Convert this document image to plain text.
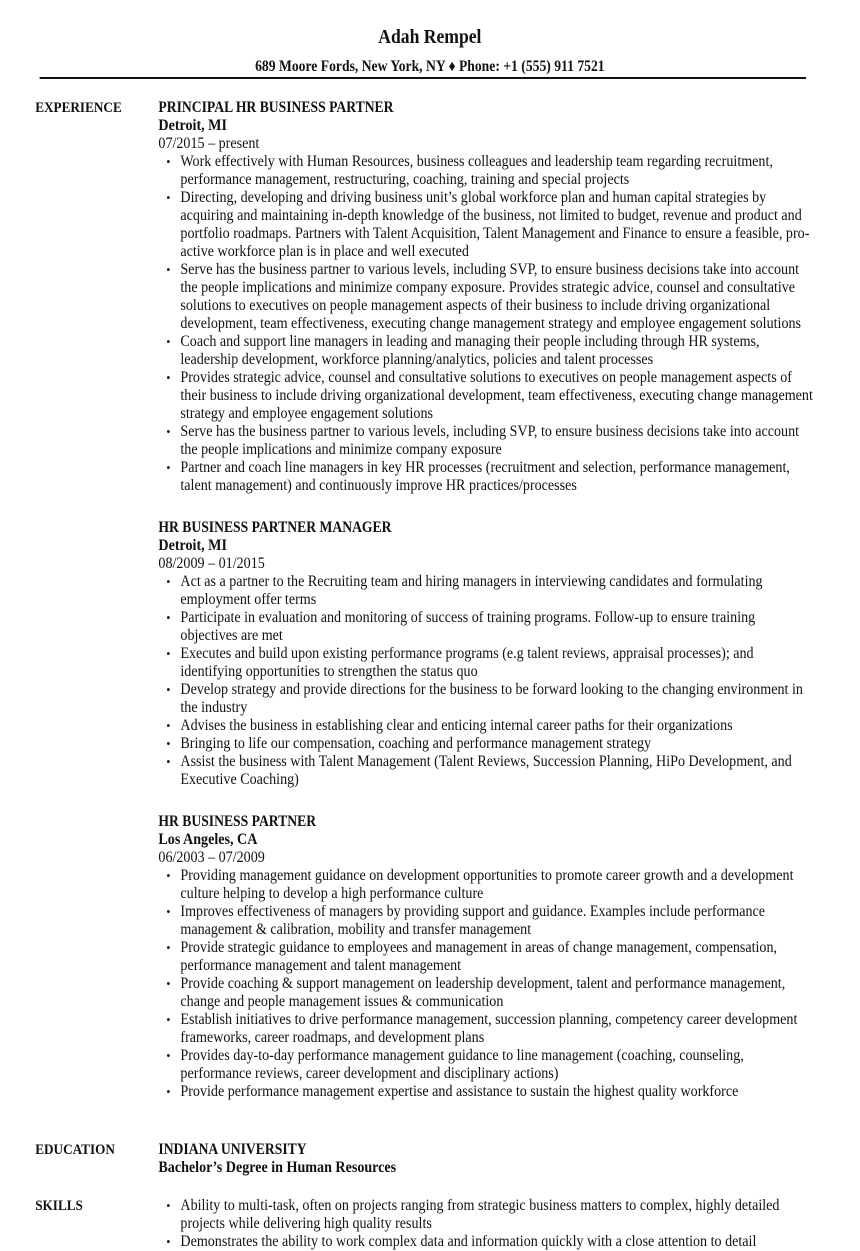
Adah Rempel
689 Moore Fords, New York, NY ♦ Phone: +1 (555) 911 7521
EXPERIENCE PRINCIPAL HR BUSINESS PARTNER
Detroit, MI
07/2015 – present
• Work effectively with Human Resources, business colleagues and leadership team regarding recruitment, performance management, restructuring, coaching, training and special projects
• Directing, developing and driving business unit’s global workforce plan and human capital strategies by acquiring and maintaining in-depth knowledge of the business, not limited to budget, revenue and product and portfolio roadmaps. Partners with Talent Acquisition, Talent Management and Finance to ensure a feasible, pro-active workforce plan is in place and well executed
• Serve has the business partner to various levels, including SVP, to ensure business decisions take into account the people implications and minimize company exposure. Provides strategic advice, counsel and consultative solutions to executives on people management aspects of their business to include driving organizational development, team effectiveness, executing change management strategy and employee engagement solutions
• Coach and support line managers in leading and managing their people including through HR systems, leadership development, workforce planning/analytics, policies and talent processes
• Provides strategic advice, counsel and consultative solutions to executives on people management aspects of their business to include driving organizational development, team effectiveness, executing change management strategy and employee engagement solutions
• Serve has the business partner to various levels, including SVP, to ensure business decisions take into account the people implications and minimize company exposure
• Partner and coach line managers in key HR processes (recruitment and selection, performance management, talent management) and continuously improve HR practices/processes
HR BUSINESS PARTNER MANAGER
Detroit, MI
08/2009 – 01/2015
• Act as a partner to the Recruiting team and hiring managers in interviewing candidates and formulating employment offer terms
• Participate in evaluation and monitoring of success of training programs. Follow-up to ensure training objectives are met
• Executes and build upon existing performance programs (e.g talent reviews, appraisal processes); and identifying opportunities to strengthen the status quo
• Develop strategy and provide directions for the business to be forward looking to the changing environment in the industry
• Advises the business in establishing clear and enticing internal career paths for their organizations
• Bringing to life our compensation, coaching and performance management strategy
• Assist the business with Talent Management (Talent Reviews, Succession Planning, HiPo Development, and Executive Coaching)
HR BUSINESS PARTNER
Los Angeles, CA
06/2003 – 07/2009
• Providing management guidance on development opportunities to promote career growth and a development culture helping to develop a high performance culture
• Improves effectiveness of managers by providing support and guidance. Examples include performance management & calibration, mobility and transfer management
• Provide strategic guidance to employees and management in areas of change management, compensation, performance management and talent management
• Provide coaching & support management on leadership development, talent and performance management, change and people management issues & communication
• Establish initiatives to drive performance management, succession planning, competency career development frameworks, career roadmaps, and development plans
• Provides day-to-day performance management guidance to line management (coaching, counseling, performance reviews, career development and disciplinary actions)
• Provide performance management expertise and assistance to sustain the highest quality workforce
EDUCATION	INDIANA UNIVERSITY
Bachelor’s Degree in Human Resources
SKILLS	• Ability to multi-task, often on projects ranging from strategic business matters to complex, highly detailed projects while delivering high quality results
• Demonstrates the ability to work complex data and information quickly with a close attention to detail
